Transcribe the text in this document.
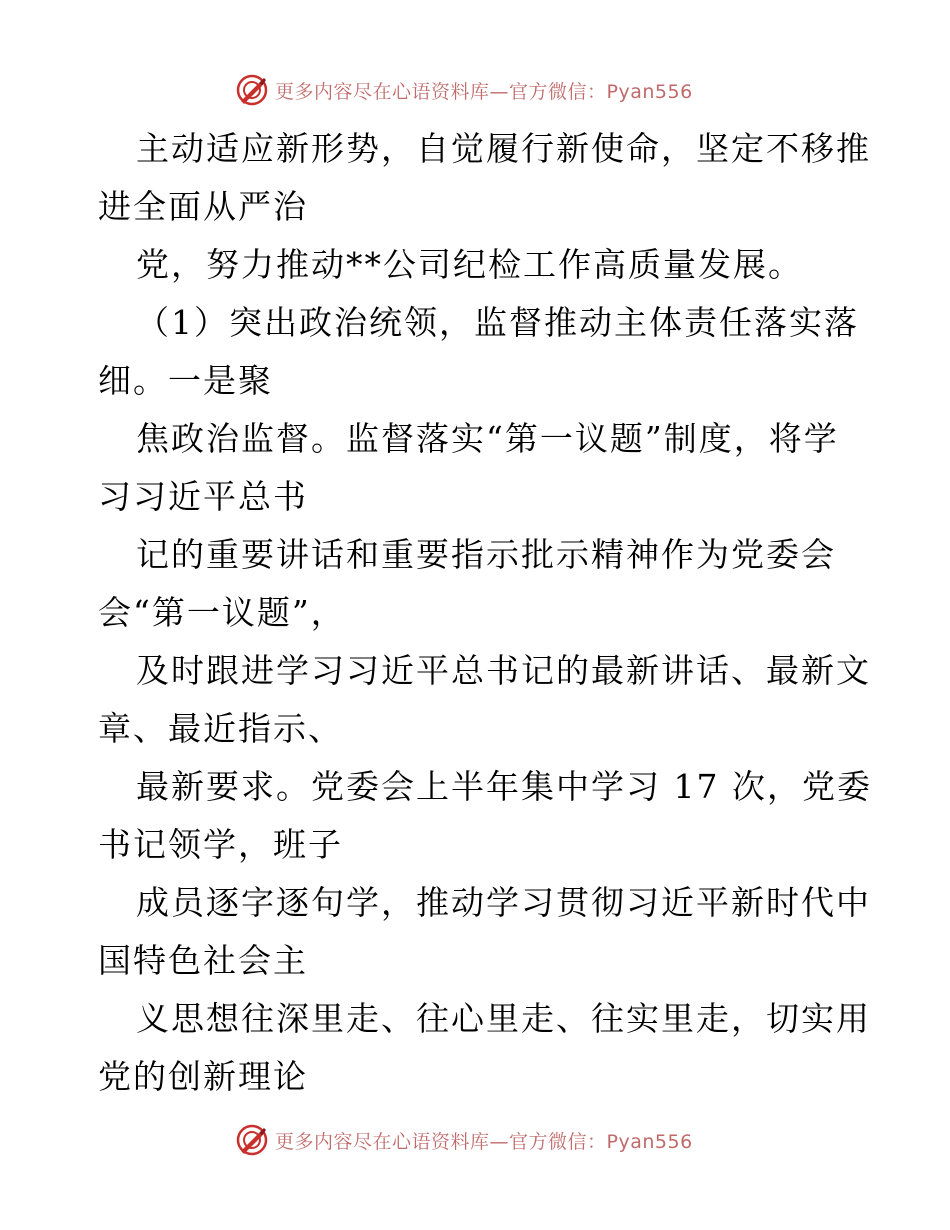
更多内容尽在心语资料库—官方微信：Pyan556
主动适应新形势，自觉履行新使命，坚定不移推
进全面从严治
党，努力推动**公司纪检工作高质量发展。
（1）突出政治统领，监督推动主体责任落实落
细。一是聚
焦政治监督。监督落实“第一议题”制度，将学
习习近平总书
记的重要讲话和重要指示批示精神作为党委会
会“第一议题”，
及时跟进学习习近平总书记的最新讲话、最新文
章、最近指示、
最新要求。党委会上半年集中学习 17 次，党委
书记领学，班子
成员逐字逐句学，推动学习贯彻习近平新时代中
国特色社会主
义思想往深里走、往心里走、往实里走，切实用
党的创新理论
更多内容尽在心语资料库—官方微信：Pyan556
